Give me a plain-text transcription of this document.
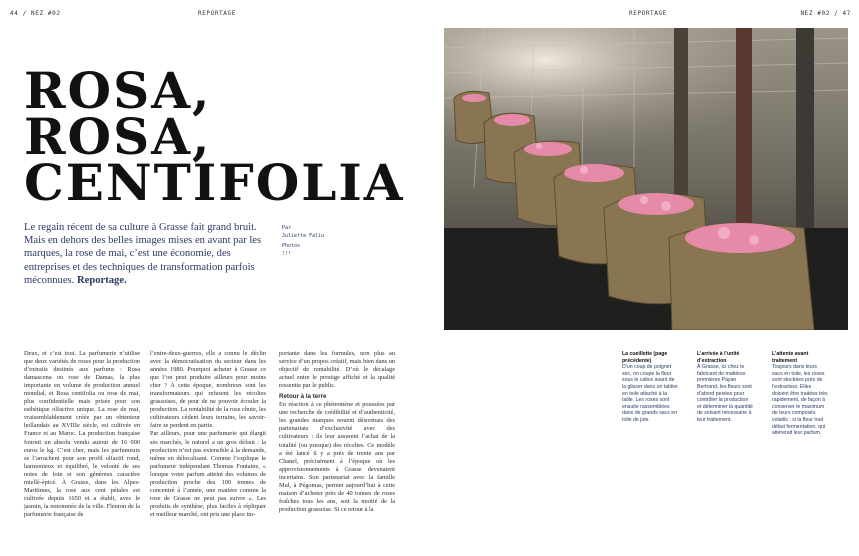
44 / NEZ #02	REPORTAGE	REPORTAGE	NEZ #02 / 47
ROSA,
ROSA,
CENTIFOLIA
Le regain récent de sa culture à Grasse fait grand bruit. Mais en dehors des belles images mises en avant par les marques, la rose de mai, c’est une économie, des entreprises et des techniques de transformation parfois méconnues. Reportage.
Par
Juliette Faliu
Photos
!!!

Deux, et c’est tout. La parfumerie n’utilise que deux variétés de roses pour la production d’extraits destinés aux parfums : Rosa damascena ou rose de Damas, la plus importante en volume de production annuel mondial, et Rosa centifolia ou rose de mai, plus confidentielle mais prisée pour son esthétique olfactive unique. La rose de mai, vraisemblablement créée par un obtenteur hollandais au XVIIIe siècle, est cultivée en France et au Maroc. La production française fournit un absolu vendu autour de 16 000 euros le kg. C’est cher, mais les parfumeurs se l’arrachent pour son profil olfactif rond, harmonieux et équilibré, le velouté de ses notes de foin et son généreux caractère miellé-épicé. À Grasse, dans les Alpes-Maritimes, la rose aux cent pétales est cultivée depuis 1650 et a établi, avec le jasmin, la renommée de la ville. Fleuron de la parfumerie française de

l’entre-deux-guerres, elle a connu le déclin avec la démocratisation du secteur dans les années 1980. Pourquoi acheter à Grasse ce que l’on peut produire ailleurs pour moins cher ? À cette époque, nombreux sont les transformateurs qui refusent les récoltes grassoises, de peur de ne pouvoir écouler la production. La rentabilité de la rose chute, les cultivateurs cèdent leurs terrains, les savoir-faire se perdent en partie.

Par ailleurs, pour une parfumerie qui élargit ses marchés, le naturel a un gros défaut : la production n’est pas extensible à la demande, même en délocalisant. Comme l’explique le parfumeur indépendant Thomas Fontaine, « lorsque votre parfum atteint des volumes de production proche des 100 tonnes de concentré à l’année, une matière comme la rose de Grasse ne peut pas suivre ». Les produits de synthèse, plus faciles à répliquer et meilleur marché, ont pris une place im-

portante dans les formules, non plus au service d’un propos créatif, mais bien dans un objectif de rentabilité. D’où le décalage actuel entre le prestige affiché et la qualité ressentie par le public.

Retour à la terre

En réaction à ce phénomène et poussées par une recherche de crédibilité et d’authenticité, les grandes marques nouent désormais des partenariats d’exclusivité avec des cultivateurs : ils leur assurent l’achat de la totalité (ou presque) des récoltes. Ce modèle a été lancé il y a près de trente ans par Chanel, précisément à l’époque où les approvisionnements à Grasse devenaient incertains. Son partenariat avec la famille Mul, à Pégomas, permet aujourd’hui à cette maison d’acheter près de 40 tonnes de roses fraîches tous les ans, soit la moitié de la production grassoise. Si ce retour à la

La cueillette (page précédente)
D’un coup de poignet sec, on coupe la fleur sous le calice avant de la glisser dans un tablier en toile attaché à la taille. Les roses sont ensuite rassemblées dans de grands sacs en toile de jute.
L’arrivée à l’unité d’extraction
À Grasse, ici chez le fabricant de matières premières Payan Bertrand, les fleurs sont d’abord pesées pour contrôler la production et déterminer la quantité de solvant nécessaire à leur traitement.
L’attente avant traitement
Toujours dans leurs sacs en toile, les roses sont stockées près de l’extracteur. Elles doivent être traitées très rapidement, de façon à conserver le maximum de leurs composés volatils : si la fleur tout début fermentation, qui altérerait leur parfum.
